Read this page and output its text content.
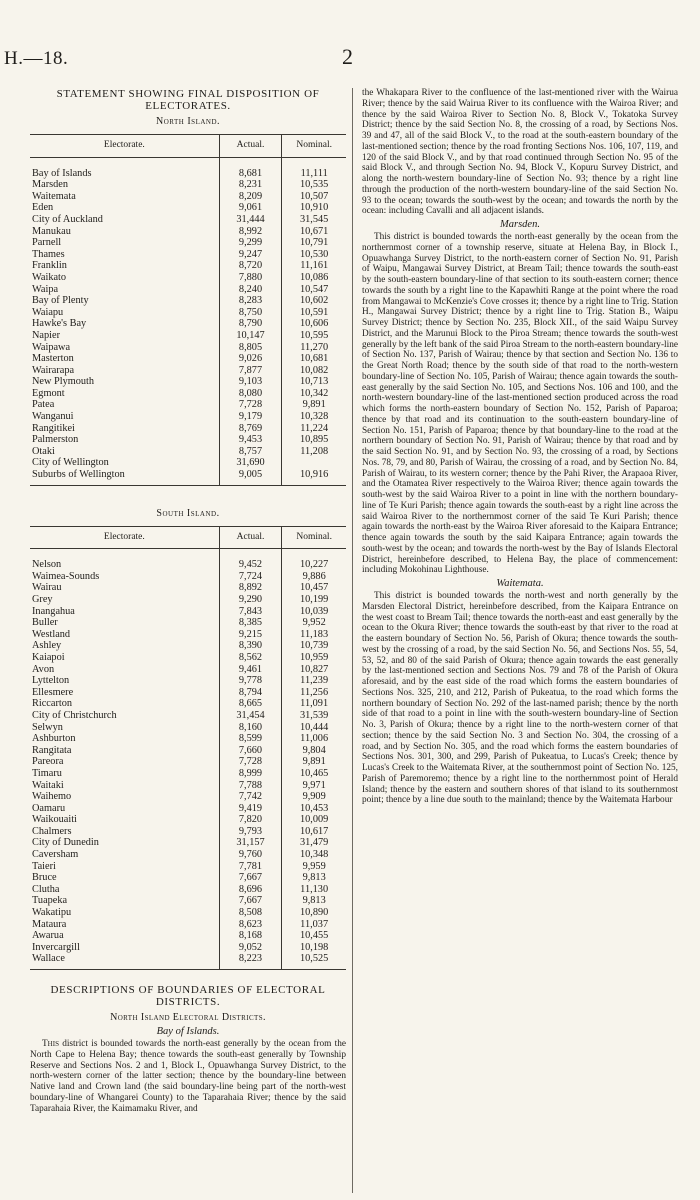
H.—18.	2
STATEMENT SHOWING FINAL DISPOSITION OF ELECTORATES.
North Island.
Electorate.	Actual.	Nominal.

Bay of Islands	8,681	11,111
Marsden	8,231	10,535
Waitemata	8,209	10,507
Eden	9,061	10,910
City of Auckland	31,444	31,545
Manukau	8,992	10,671
Parnell	9,299	10,791
Thames	9,247	10,530
Franklin	8,720	11,161
Waikato	7,880	10,086
Waipa	8,240	10,547
Bay of Plenty	8,283	10,602
Waiapu	8,750	10,591
Hawke's Bay	8,790	10,606
Napier	10,147	10,595
Waipawa	8,805	11,270
Masterton	9,026	10,681
Wairarapa	7,877	10,082
New Plymouth	9,103	10,713
Egmont	8,080	10,342
Patea	7,728	9,891
Wanganui	9,179	10,328
Rangitikei	8,769	11,224
Palmerston	9,453	10,895
Otaki	8,757	11,208
City of Wellington	31,690	
Suburbs of Wellington	9,005	10,916
South Island.
Electorate.	Actual.	Nominal.

Nelson	9,452	10,227
Waimea-Sounds	7,724	9,886
Wairau	8,892	10,457
Grey	9,290	10,199
Inangahua	7,843	10,039
Buller	8,385	9,952
Westland	9,215	11,183
Ashley	8,390	10,739
Kaiapoi	8,562	10,959
Avon	9,461	10,827
Lyttelton	9,778	11,239
Ellesmere	8,794	11,256
Riccarton	8,665	11,091
City of Christchurch	31,454	31,539
Selwyn	8,160	10,444
Ashburton	8,599	11,006
Rangitata	7,660	9,804
Pareora	7,728	9,891
Timaru	8,999	10,465
Waitaki	7,788	9,971
Waihemo	7,742	9,909
Oamaru	9,419	10,453
Waikouaiti	7,820	10,009
Chalmers	9,793	10,617
City of Dunedin	31,157	31,479
Caversham	9,760	10,348
Taieri	7,781	9,959
Bruce	7,667	9,813
Clutha	8,696	11,130
Tuapeka	7,667	9,813
Wakatipu	8,508	10,890
Mataura	8,623	11,037
Awarua	8,168	10,455
Invercargill	9,052	10,198
Wallace	8,223	10,525
DESCRIPTIONS OF BOUNDARIES OF ELECTORAL DISTRICTS.
North Island Electoral Districts.
Bay of Islands.

This district is bounded towards the north-east generally by the ocean from the North Cape to Helena Bay; thence towards the south-east generally by Township Reserve and Sections Nos. 2 and 1, Block I., Opuawhanga Survey District, to the north-western corner of the latter section; thence by the boundary-line between Native land and Crown land (the said boundary-line being part of the north-west boundary-line of Whangarei County) to the Taparahaia River; thence by the said Taparahaia River, the Kaimamaku River, and

the Whakapara River to the confluence of the last-mentioned river with the Wairua River; thence by the said Wairua River to its confluence with the Wairoa River; and thence by the said Wairoa River to Section No. 8, Block V., Tokatoka Survey District; thence by the said Section No. 8, the crossing of a road, by Sections Nos. 39 and 47, all of the said Block V., to the road at the south-eastern boundary of the last-mentioned section; thence by the road fronting Sections Nos. 106, 107, 119, and 120 of the said Block V., and by that road continued through Section No. 95 of the said Block V., and through Section No. 94, Block V., Kopuru Survey District, and along the north-western boundary-line of Section No. 93; thence by a right line through the production of the north-western boundary-line of the said Section No. 93 to the ocean; towards the south-west by the ocean; and towards the north by the ocean: including Cavalli and all adjacent islands.

Marsden.

This district is bounded towards the north-east generally by the ocean from the northernmost corner of a township reserve, situate at Helena Bay, in Block I., Opuawhanga Survey District, to the north-eastern corner of Section No. 91, Parish of Waipu, Mangawai Survey District, at Bream Tail; thence towards the south-east by the south-eastern boundary-line of that section to its south-eastern corner; thence towards the south by a right line to the Kapawhiti Range at the point where the road from Mangawai to McKenzie's Cove crosses it; thence by a right line to Trig. Station H., Mangawai Survey District; thence by a right line to Trig. Station B., Waipu Survey District; thence by Section No. 235, Block XII., of the said Waipu Survey District, and the Marunui Block to the Piroa Stream; thence towards the south-west generally by the left bank of the said Piroa Stream to the north-eastern boundary-line of Section No. 137, Parish of Wairau; thence by that section and Section No. 136 to the Great North Road; thence by the south side of that road to the north-western boundary-line of Section No. 105, Parish of Wairau; thence again towards the south-east generally by the said Section No. 105, and Sections Nos. 106 and 100, and the north-western boundary-line of the last-mentioned section produced across the road which forms the north-eastern boundary of Section No. 152, Parish of Paparoa; thence by that road and its continuation to the south-eastern boundary-line of Section No. 151, Parish of Paparoa; thence by that boundary-line to the road at the northern boundary of Section No. 91, Parish of Wairau; thence by that road and by the said Section No. 91, and by Section No. 93, the crossing of a road, by Sections Nos. 78, 79, and 80, Parish of Wairau, the crossing of a road, and by Section No. 84, Parish of Wairau, to its western corner; thence by the Pahi River, the Arapaoa River, and the Otamatea River respectively to the Wairoa River; thence again towards the south-west by the said Wairoa River to a point in line with the northern boundary-line of Te Kuri Parish; thence again towards the south-east by a right line across the said Wairoa River to the northernmost corner of the said Te Kuri Parish; thence again towards the north-east by the Wairoa River aforesaid to the Kaipara Entrance; thence again towards the south by the said Kaipara Entrance; again towards the south-west by the ocean; and towards the north-west by the Bay of Islands Electoral District, hereinbefore described, to Helena Bay, the place of commencement: including Mokohinau Lighthouse.

Waitemata.

This district is bounded towards the north-west and north generally by the Marsden Electoral District, hereinbefore described, from the Kaipara Entrance on the west coast to Bream Tail; thence towards the north-east and east generally by the ocean to the Okura River; thence towards the south-east by that river to the road at the eastern boundary of Section No. 56, Parish of Okura; thence towards the south-west by the crossing of a road, by the said Section No. 56, and Sections Nos. 55, 54, 53, 52, and 80 of the said Parish of Okura; thence again towards the east generally by the last-mentioned section and Sections Nos. 79 and 78 of the Parish of Okura aforesaid, and by the east side of the road which forms the eastern boundaries of Sections Nos. 325, 210, and 212, Parish of Pukeatua, to the road which forms the northern boundary of Section No. 292 of the last-named parish; thence by the north side of that road to a point in line with the south-western boundary-line of Section No. 3, Parish of Okura; thence by a right line to the north-western corner of that section; thence by the said Section No. 3 and Section No. 304, the crossing of a road, and by Section No. 305, and the road which forms the eastern boundaries of Sections Nos. 301, 300, and 299, Parish of Pukeatua, to Lucas's Creek; thence by Lucas's Creek to the Waitemata River, at the southernmost point of Section No. 125, Parish of Paremoremo; thence by a right line to the northernmost point of Herald Island; thence by the eastern and southern shores of that island to its southernmost point; thence by a line due south to the mainland; thence by the Waitemata Harbour
